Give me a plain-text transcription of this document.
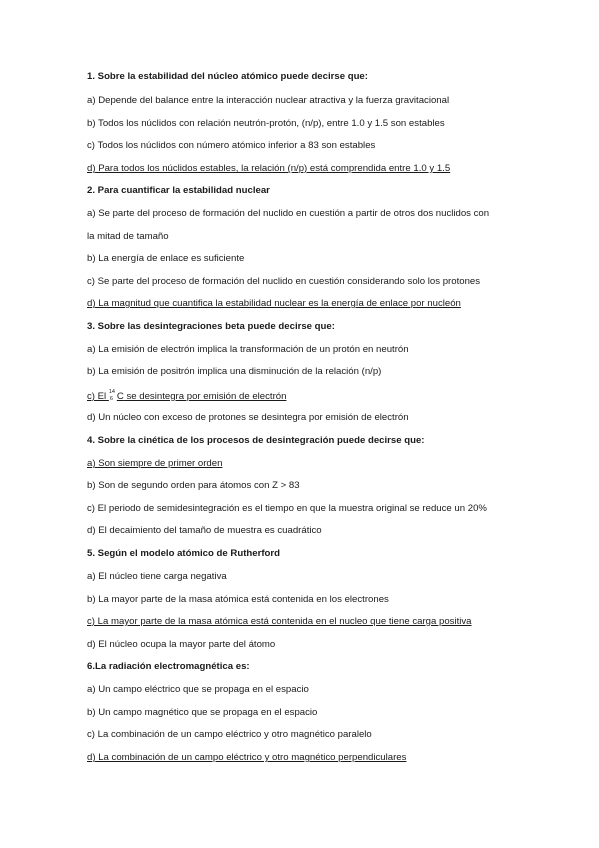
1. Sobre la estabilidad del núcleo atómico puede decirse que:
a) Depende del balance entre la interacción nuclear atractiva y la fuerza gravitacional
b) Todos los núclidos con relación neutrón-protón, (n/p), entre 1.0 y 1.5 son estables
c) Todos los núclidos con número atómico inferior a 83 son estables
d) Para todos los núclidos estables, la relación (n/p) está comprendida entre 1.0 y 1.5
2. Para cuantificar la estabilidad nuclear
a) Se parte del proceso de formación del nuclido en cuestión a partir de otros dos nuclidos con
la mitad de tamaño
b) La energía de enlace es suficiente
c) Se parte del proceso de formación del nuclido en cuestión considerando solo los protones
d) La magnitud que cuantifica la estabilidad nuclear es la energía de enlace por nucleón
3. Sobre las desintegraciones beta puede decirse que:
a) La emisión de electrón implica la transformación de un protón en neutrón
b) La emisión de positrón implica una disminución de la relación (n/p)
c) El 14
6 C se desintegra por emisión de electrón
d) Un núcleo con exceso de protones se desintegra por emisión de electrón
4. Sobre la cinética de los procesos de desintegración puede decirse que:
a) Son siempre de primer orden
b) Son de segundo orden para átomos con Z > 83
c) El periodo de semidesintegración es el tiempo en que la muestra original se reduce un 20%
d) El decaimiento del tamaño de muestra es cuadrático
5. Según el modelo atómico de Rutherford
a) El núcleo tiene carga negativa
b) La mayor parte de la masa atómica está contenida en los electrones
c) La mayor parte de la masa atómica está contenida en el nucleo que tiene carga positiva
d) El núcleo ocupa la mayor parte del átomo
6.La radiación electromagnética es:
a) Un campo eléctrico que se propaga en el espacio
b) Un campo magnético que se propaga en el espacio
c) La combinación de un campo eléctrico y otro magnético paralelo
d) La combinación de un campo eléctrico y otro magnético perpendiculares
